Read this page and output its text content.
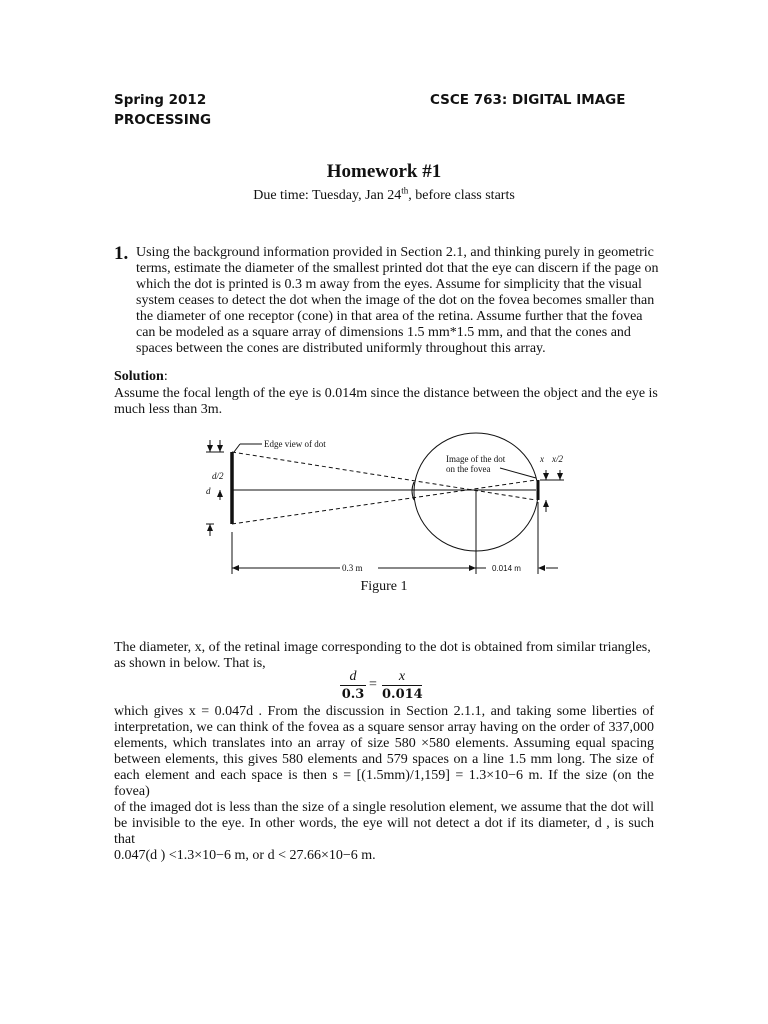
Spring 2012	CSCE 763: DIGITAL IMAGE
PROCESSING
Homework #1
Due time: Tuesday, Jan 24th, before class starts
1. Using the background information provided in Section 2.1, and thinking purely in geometric
terms, estimate the diameter of the smallest printed dot that the eye can discern if the page on
which the dot is printed is 0.3 m away from the eyes. Assume for simplicity that the visual
system ceases to detect the dot when the image of the dot on the fovea becomes smaller than
the diameter of one receptor (cone) in that area of the retina. Assume further that the fovea
can be modeled as a square array of dimensions 1.5 mm*1.5 mm, and that the cones and
spaces between the cones are distributed uniformly throughout this array.
Solution:
Assume the focal length of the eye is 0.014m since the distance between the object and the eye is
much less than 3m.
Edge view of dot
Image of the dot
on the fovea
d/2
d
x x/2
0.3 m	0.014 m
Figure 1
The diameter, x, of the retinal image corresponding to the dot is obtained from similar triangles,
as shown in below. That is,
d
0.3
=
x
0.014
which gives x = 0.047d . From the discussion in Section 2.1.1, and taking some liberties of
interpretation, we can think of the fovea as a square sensor array having on the order of 337,000
elements, which translates into an array of size 580 ×580 elements. Assuming equal spacing
between elements, this gives 580 elements and 579 spaces on a line 1.5 mm long. The size of
each element and each space is then s = [(1.5mm)/1,159] = 1.3×10−6 m. If the size (on the fovea)
of the imaged dot is less than the size of a single resolution element, we assume that the dot will
be invisible to the eye. In other words, the eye will not detect a dot if its diameter, d , is such that
0.047(d ) <1.3×10−6 m, or d < 27.66×10−6 m.
